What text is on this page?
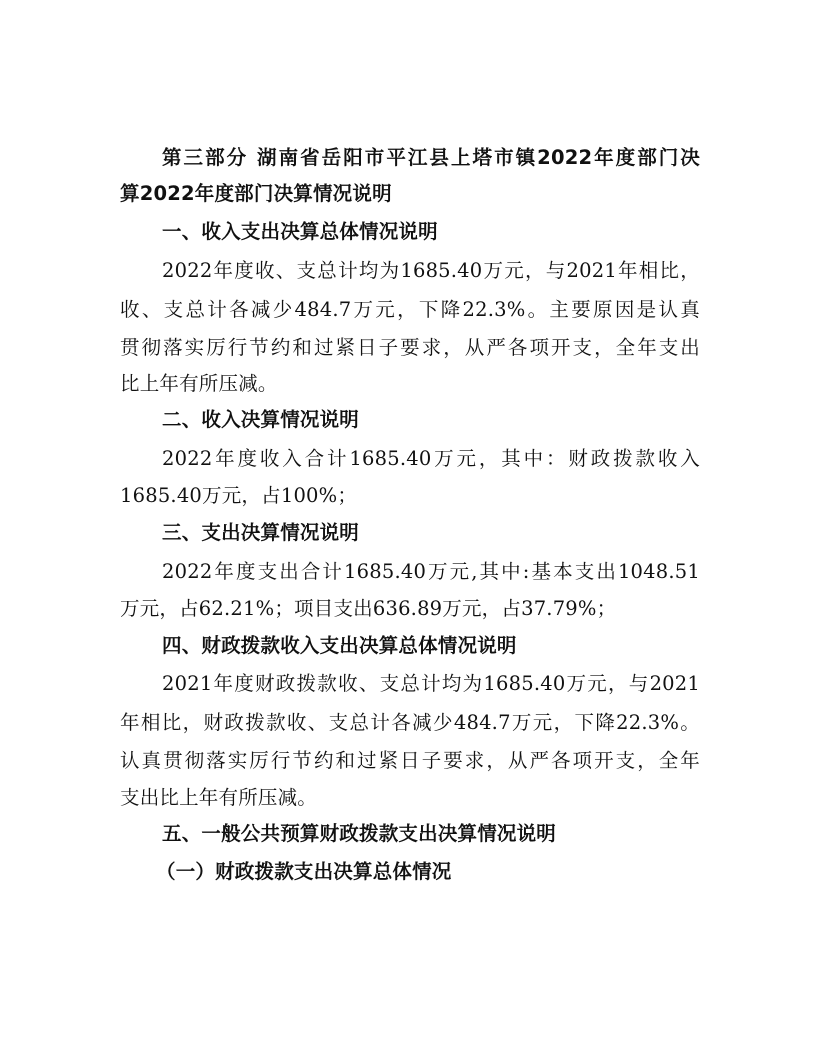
第三部分 湖南省岳阳市平江县上塔市镇2022年度部门决

算2022年度部门决算情况说明

一、收入支出决算总体情况说明

2022年度收、支总计均为1685.40万元，与2021年相比，

收、支总计各减少484.7万元，下降22.3%。主要原因是认真

贯彻落实厉行节约和过紧日子要求，从严各项开支，全年支出

比上年有所压减。

二、收入决算情况说明

2022年度收入合计1685.40万元，其中：财政拨款收入

1685.40万元，占100%；

三、支出决算情况说明

2022年度支出合计1685.40万元,其中:基本支出1048.51

万元，占62.21%；项目支出636.89万元，占37.79%；

四、财政拨款收入支出决算总体情况说明

2021年度财政拨款收、支总计均为1685.40万元，与2021

年相比，财政拨款收、支总计各减少484.7万元，下降22.3%。

认真贯彻落实厉行节约和过紧日子要求，从严各项开支，全年

支出比上年有所压减。

五、一般公共预算财政拨款支出决算情况说明

（一）财政拨款支出决算总体情况
